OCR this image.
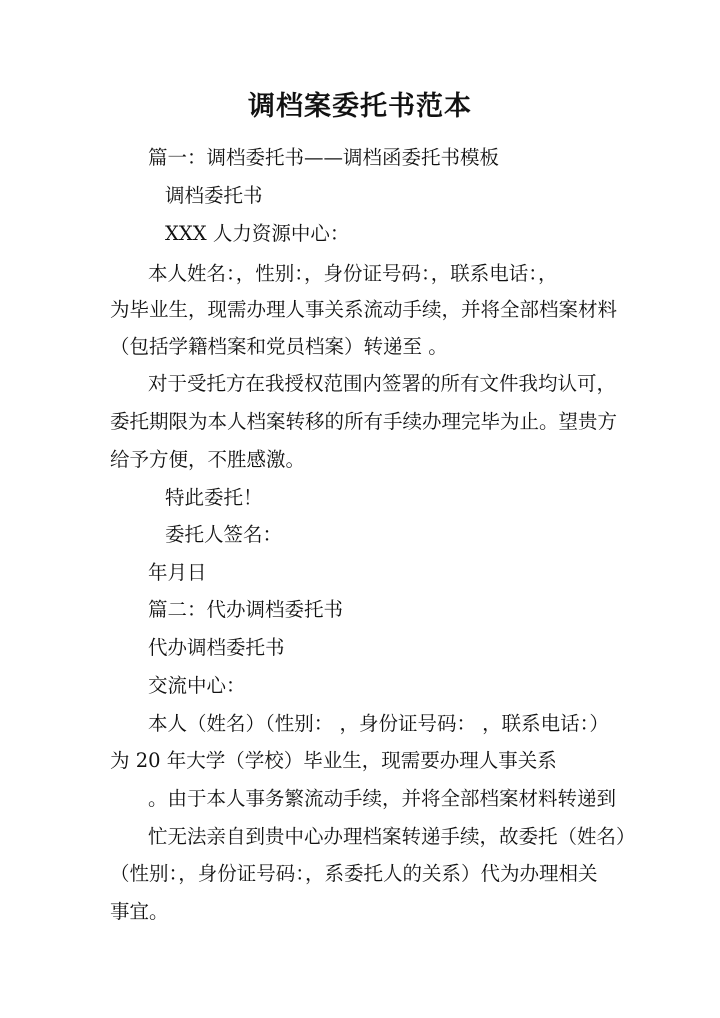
调档案委托书范本
篇一：调档委托书——调档函委托书模板
调档委托书
XXX 人力资源中心：
本人姓名：，性别：，身份证号码：，联系电话：，
为毕业生，现需办理人事关系流动手续，并将全部档案材料
（包括学籍档案和党员档案）转递至 。
对于受托方在我授权范围内签署的所有文件我均认可，
委托期限为本人档案转移的所有手续办理完毕为止。望贵方
给予方便，不胜感激。
特此委托！
委托人签名：
年月日
篇二：代办调档委托书
代办调档委托书
交流中心：
本人（姓名）（性别： ，身份证号码： ，联系电话：）
为 20 年大学（学校）毕业生，现需要办理人事关系
。由于本人事务繁流动手续，并将全部档案材料转递到
忙无法亲自到贵中心办理档案转递手续，故委托（姓名）
（性别：，身份证号码：，系委托人的关系）代为办理相关
事宜。
